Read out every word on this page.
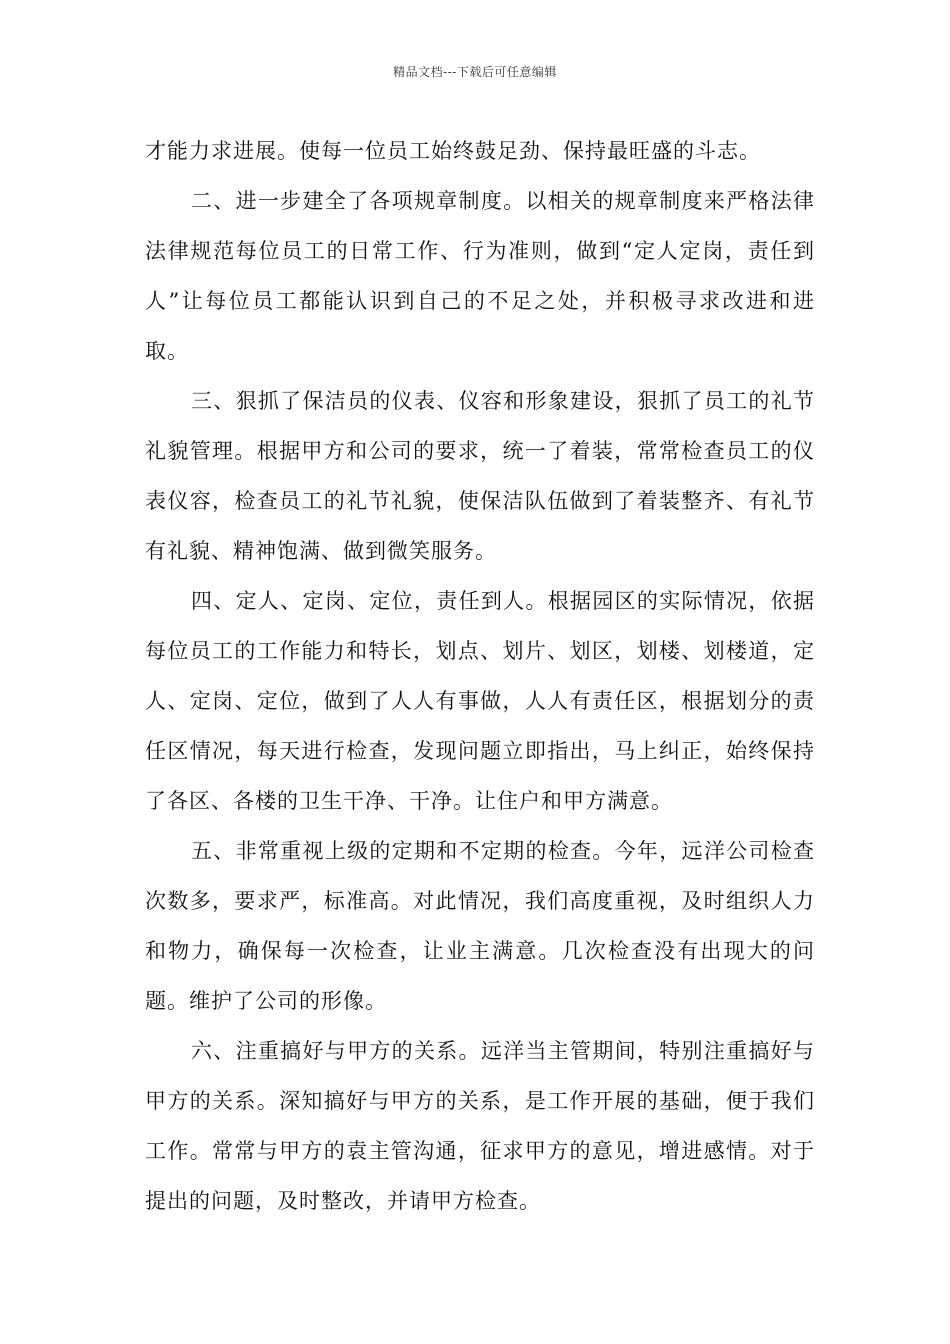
精品文档---下载后可任意编辑

才能力求进展。使每一位员工始终鼓足劲、保持最旺盛的斗志。

二、进一步建全了各项规章制度。以相关的规章制度来严格法律法律规范每位员工的日常工作、行为准则，做到“定人定岗，责任到人”让每位员工都能认识到自己的不足之处，并积极寻求改进和进取。

三、狠抓了保洁员的仪表、仪容和形象建设，狠抓了员工的礼节礼貌管理。根据甲方和公司的要求，统一了着装，常常检查员工的仪表仪容，检查员工的礼节礼貌，使保洁队伍做到了着装整齐、有礼节有礼貌、精神饱满、做到微笑服务。

四、定人、定岗、定位，责任到人。根据园区的实际情况，依据每位员工的工作能力和特长，划点、划片、划区，划楼、划楼道，定人、定岗、定位，做到了人人有事做，人人有责任区，根据划分的责任区情况，每天进行检查，发现问题立即指出，马上纠正，始终保持了各区、各楼的卫生干净、干净。让住户和甲方满意。

五、非常重视上级的定期和不定期的检查。今年，远洋公司检查次数多，要求严，标准高。对此情况，我们高度重视，及时组织人力和物力，确保每一次检查，让业主满意。几次检查没有出现大的问题。维护了公司的形像。

六、注重搞好与甲方的关系。远洋当主管期间，特别注重搞好与甲方的关系。深知搞好与甲方的关系，是工作开展的基础，便于我们工作。常常与甲方的袁主管沟通，征求甲方的意见，增进感情。对于提出的问题，及时整改，并请甲方检查。
